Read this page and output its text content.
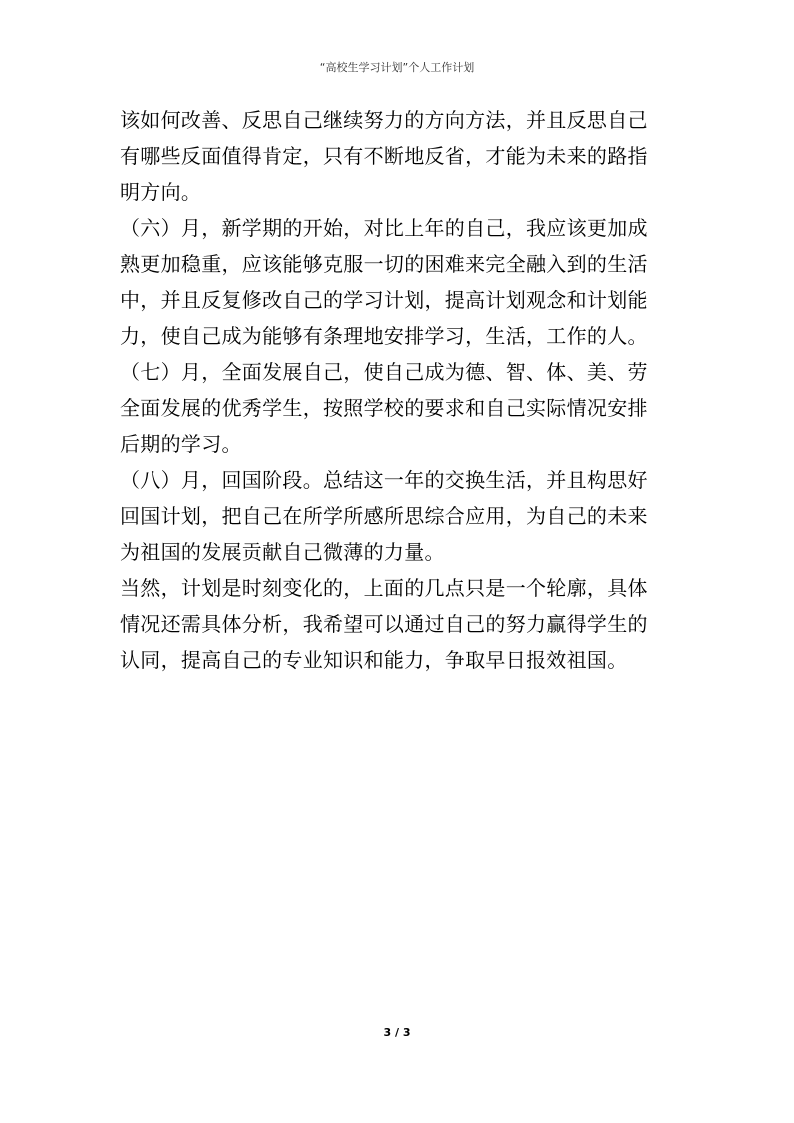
“高校生学习计划”个人工作计划
该如何改善、反思自己继续努力的方向方法，并且反思自己
有哪些反面值得肯定，只有不断地反省，才能为未来的路指
明方向。
（六）月，新学期的开始，对比上年的自己，我应该更加成
熟更加稳重，应该能够克服一切的困难来完全融入到的生活
中，并且反复修改自己的学习计划，提高计划观念和计划能
力，使自己成为能够有条理地安排学习，生活，工作的人。
（七）月，全面发展自己，使自己成为德、智、体、美、劳
全面发展的优秀学生，按照学校的要求和自己实际情况安排
后期的学习。
（八）月，回国阶段。总结这一年的交换生活，并且构思好
回国计划，把自己在所学所感所思综合应用，为自己的未来
为祖国的发展贡献自己微薄的力量。
当然，计划是时刻变化的，上面的几点只是一个轮廓，具体
情况还需具体分析，我希望可以通过自己的努力赢得学生的
认同，提高自己的专业知识和能力，争取早日报效祖国。
3 / 3
